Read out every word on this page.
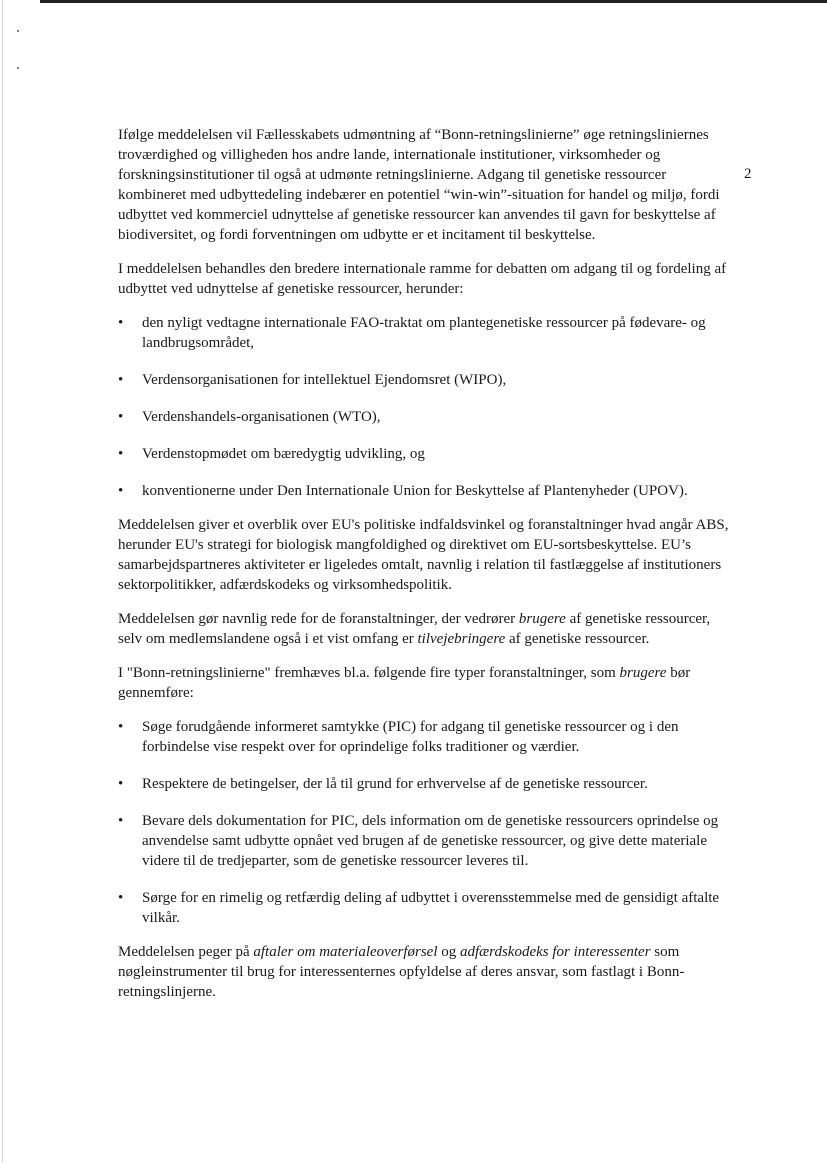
2

Ifølge meddelelsen vil Fællesskabets udmøntning af “Bonn-retningslinierne” øge retningsliniernes troværdighed og villigheden hos andre lande, internationale institutioner, virksomheder og forskningsinstitutioner til også at udmønte retningslinierne. Adgang til genetiske ressourcer kombineret med udbyttedeling indebærer en potentiel “win-win”-situation for handel og miljø, fordi udbyttet ved kommerciel udnyttelse af genetiske ressourcer kan anvendes til gavn for beskyttelse af biodiversitet, og fordi forventningen om udbytte er et incitament til beskyttelse.

I meddelelsen behandles den bredere internationale ramme for debatten om adgang til og fordeling af udbyttet ved udnyttelse af genetiske ressourcer, herunder:

• den nyligt vedtagne internationale FAO-traktat om plantegenetiske ressourcer på fødevare- og landbrugsområdet,
• Verdensorganisationen for intellektuel Ejendomsret (WIPO),
• Verdenshandels-organisationen (WTO),
• Verdenstopmødet om bæredygtig udvikling, og
• konventionerne under Den Internationale Union for Beskyttelse af Plantenyheder (UPOV).

Meddelelsen giver et overblik over EU's politiske indfaldsvinkel og foranstaltninger hvad angår ABS, herunder EU's strategi for biologisk mangfoldighed og direktivet om EU-sortsbeskyttelse. EU’s samarbejdspartneres aktiviteter er ligeledes omtalt, navnlig i relation til fastlæggelse af institutioners sektorpolitikker, adfærdskodeks og virksomhedspolitik.

Meddelelsen gør navnlig rede for de foranstaltninger, der vedrører brugere af genetiske ressourcer, selv om medlemslandene også i et vist omfang er tilvejebringere af genetiske ressourcer.

I "Bonn-retningslinierne" fremhæves bl.a. følgende fire typer foranstaltninger, som brugere bør gennemføre:

• Søge forudgående informeret samtykke (PIC) for adgang til genetiske ressourcer og i den forbindelse vise respekt over for oprindelige folks traditioner og værdier.
• Respektere de betingelser, der lå til grund for erhvervelse af de genetiske ressourcer.
• Bevare dels dokumentation for PIC, dels information om de genetiske ressourcers oprindelse og anvendelse samt udbytte opnået ved brugen af de genetiske ressourcer, og give dette materiale videre til de tredjeparter, som de genetiske ressourcer leveres til.
• Sørge for en rimelig og retfærdig deling af udbyttet i overensstemmelse med de gensidigt aftalte vilkår.

Meddelelsen peger på aftaler om materialeoverførsel og adfærdskodeks for interessenter som nøgleinstrumenter til brug for interessenternes opfyldelse af deres ansvar, som fastlagt i Bonn-retningslinjerne.
